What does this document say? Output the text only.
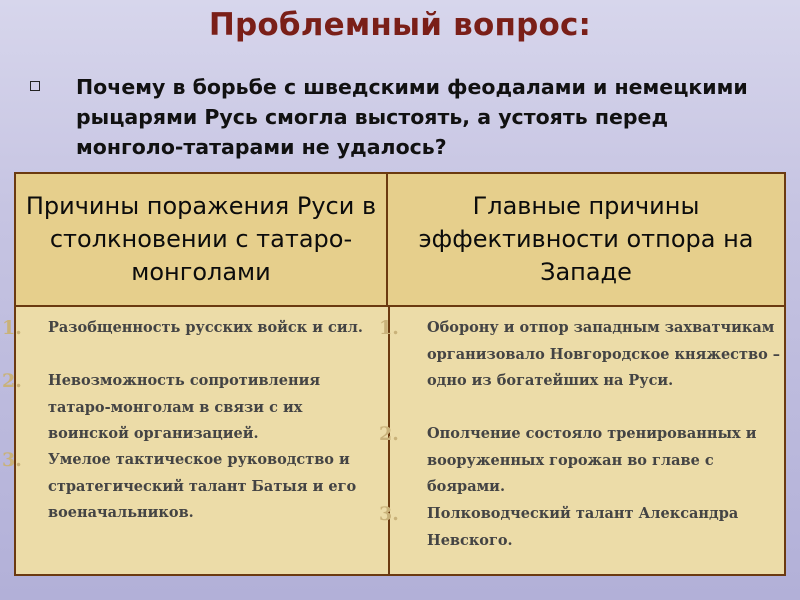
Проблемный вопрос:
Почему в борьбе с шведскими феодалами и немецкими рыцарями Русь смогла выстоять, а устоять перед монголо-татарами не удалось?
Причины поражения Руси в столкновении с татаро-монголами
Главные причины эффективности отпора на Западе
1. Разобщенность русских войск и сил.
2. Невозможность сопротивления татаро-монголам в связи с их воинской организацией.
3. Умелое тактическое руководство и стратегический талант Батыя и его военачальников.
1. Оборону и отпор западным захватчикам организовало Новгородское княжество – одно из богатейших на Руси.
2. Ополчение состояло тренированных и вооруженных горожан во главе с боярами.
3. Полководческий талант Александра Невского.
